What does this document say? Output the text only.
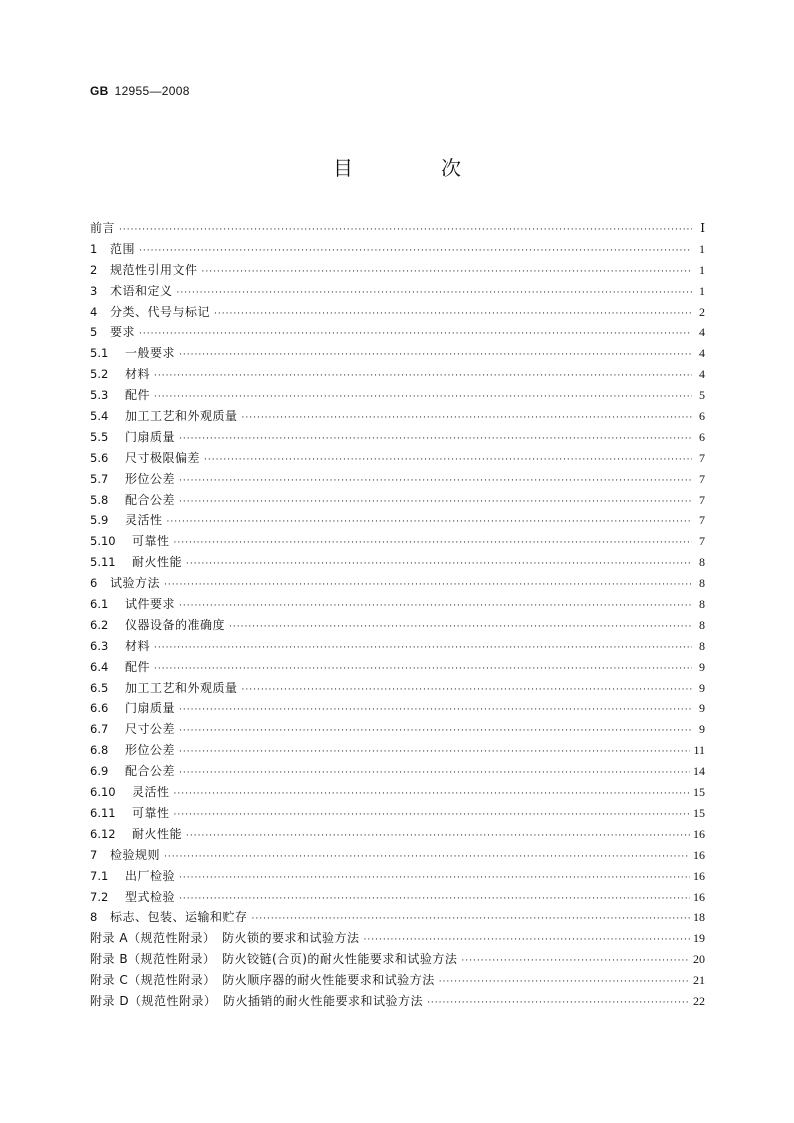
GB 12955—2008
目　次
前言 ·····	Ⅰ
1	范围 ·····	1
2	规范性引用文件 ·····	1
3	术语和定义 ·····	1
4	分类、代号与标记 ·····	2
5	要求 ·····	4
5.1	一般要求 ·····	4
5.2	材料 ·····	4
5.3	配件 ·····	5
5.4	加工工艺和外观质量 ·····	6
5.5	门扇质量 ·····	6
5.6	尺寸极限偏差 ·····	7
5.7	形位公差 ·····	7
5.8	配合公差 ·····	7
5.9	灵活性 ·····	7
5.10	可靠性 ·····	7
5.11	耐火性能 ·····	8
6	试验方法 ·····	8
6.1	试件要求 ·····	8
6.2	仪器设备的准确度 ·····	8
6.3	材料 ·····	8
6.4	配件 ·····	9
6.5	加工工艺和外观质量 ·····	9
6.6	门扇质量 ·····	9
6.7	尺寸公差 ·····	9
6.8	形位公差 ·····	11
6.9	配合公差 ·····	14
6.10	灵活性 ·····	15
6.11	可靠性 ·····	15
6.12	耐火性能 ·····	16
7	检验规则 ·····	16
7.1	出厂检验 ·····	16
7.2	型式检验 ·····	16
8	标志、包装、运输和贮存 ·····	18
附录 A（规范性附录）　防火锁的要求和试验方法 ·····	19
附录 B（规范性附录）　防火铰链(合页)的耐火性能要求和试验方法 ·····	20
附录 C（规范性附录）　防火顺序器的耐火性能要求和试验方法 ·····	21
附录 D（规范性附录）　防火插销的耐火性能要求和试验方法 ·····	22
